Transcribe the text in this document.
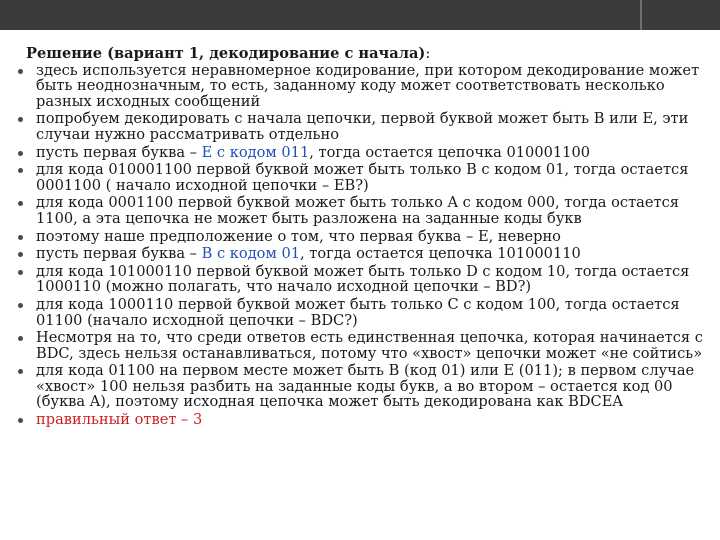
Решение (вариант 1, декодирование с начала):
здесь используется неравномерное кодирование, при котором декодирование может быть неоднозначным, то есть, заданному коду может соответствовать несколько разных исходных сообщений
попробуем декодировать с начала цепочки, первой буквой может быть B или E, эти случаи нужно рассматривать отдельно
пусть первая буква – E с кодом 011, тогда остается цепочка 010001100
для кода 010001100 первой буквой может быть только B с кодом 01, тогда остается 0001100 ( начало исходной цепочки – EB?)
для кода 0001100 первой буквой может быть только A с кодом 000, тогда остается 1100, а эта цепочка не может быть разложена на заданные коды букв
поэтому наше предположение о том, что первая буква – E, неверно
пусть первая буква – B с кодом 01, тогда остается цепочка 101000110
для кода 101000110 первой буквой может быть только D с кодом 10, тогда остается 1000110 (можно полагать, что начало исходной цепочки – BD?)
для кода 1000110 первой буквой может быть только C с кодом 100, тогда остается 01100 (начало исходной цепочки – BDC?)
Несмотря на то, что среди ответов есть единственная цепочка, которая начинается с BDC, здесь нельзя останавливаться, потому что «хвост» цепочки может «не сойтись»
для кода 01100 на первом месте может быть B (код 01) или E (011); в первом случае «хвост» 100 нельзя разбить на заданные коды букв, а во втором – остается код 00 (буква A), поэтому исходная цепочка может быть декодирована как BDCEA
правильный ответ – 3
